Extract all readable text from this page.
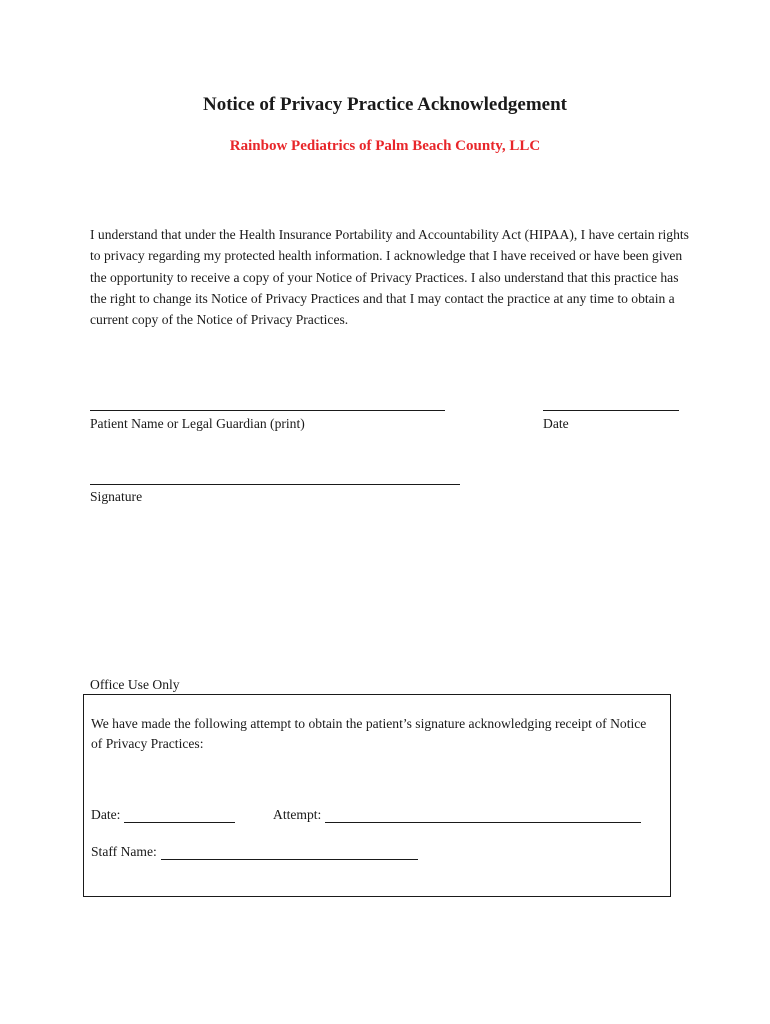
Notice of Privacy Practice Acknowledgement
Rainbow Pediatrics of Palm Beach County, LLC
I understand that under the Health Insurance Portability and Accountability Act (HIPAA), I have certain rights to privacy regarding my protected health information. I acknowledge that I have received or have been given the opportunity to receive a copy of your Notice of Privacy Practices. I also understand that this practice has the right to change its Notice of Privacy Practices and that I may contact the practice at any time to obtain a current copy of the Notice of Privacy Practices.
Patient Name or Legal Guardian (print)	Date
Signature
Office Use Only
We have made the following attempt to obtain the patient’s signature acknowledging receipt of Notice of Privacy Practices:
Date:	Attempt:
Staff Name:
